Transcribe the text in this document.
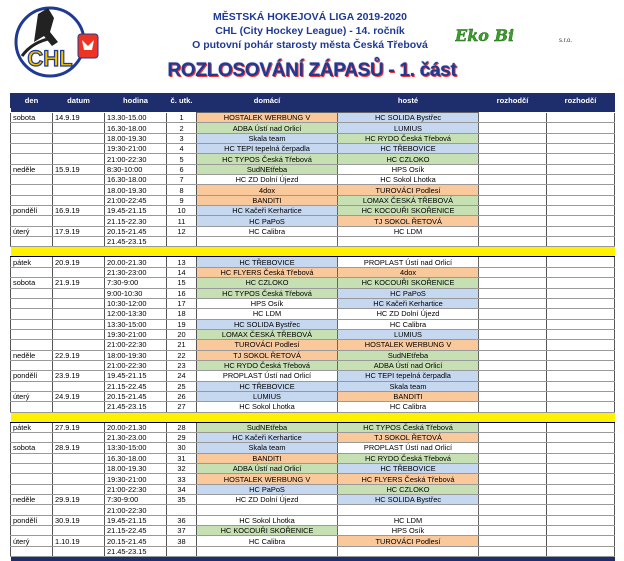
CHL
MĚSTSKÁ HOKEJOVÁ LIGA 2019-2020
CHL (City Hockey League) - 14. ročník
O putovní pohár starosty města Česká Třebová	Eko Bi	s.r.o.
ROZLOSOVÁNÍ ZÁPASŮ - 1. část
den	datum	hodina	č. utk.	domácí	hosté	rozhodčí	rozhodčí

sobota	14.9.19	13.30-15.00	1	HOSTALEK WERBUNG V	HC SOLIDA Bystřec		
		16.30-18.00	2	ADBA Ústí nad Orlicí	LUMIUS		
		18.00-19.30	3	Skala team	HC RYDO Česká Třebová		
		19:30-21:00	4	HC TEPI tepelná čerpadla	HC TŘEBOVICE		
		21:00-22:30	5	HC TYPOS Česká Třebová	HC CZLOKO		
neděle	15.9.19	8:30-10:00	6	SudNEtřeba	HPS Osík		
		16.30-18.00	7	HC ZD Dolní Újezd	HC Sokol Lhotka		
		18.00-19.30	8	4dox	TUROVÁCI Podlesí		
		21:00-22:45	9	BANDITI	LOMAX ČESKÁ TŘEBOVÁ		
pondělí	16.9.19	19.45-21.15	10	HC Kačeři Kerhartice	HC KOCOUŘI SKOŘENICE		
		21.15-22.30	11	HC PaPoS	TJ SOKOL ŘETOVÁ		
úterý	17.9.19	20.15-21.45	12	HC Calibra	HC LDM		
		21.45-23.15					

pátek	20.9.19	20.00-21.30	13	HC TŘEBOVICE	PROPLAST Ústí nad Orlicí		
		21:30-23:00	14	HC FLYERS Česká Třebová	4dox		
sobota	21.9.19	7:30-9:00	15	HC CZLOKO	HC KOCOUŘI SKOŘENICE		
		9:00-10:30	16	HC TYPOS Česká Třebová	HC PaPoS		
		10:30-12:00	17	HPS Osík	HC Kačeři Kerhartice		
		12:00-13:30	18	HC LDM	HC ZD Dolní Újezd		
		13:30-15:00	19	HC SOLIDA Bystřec	HC Calibra		
		19:30-21:00	20	LOMAX ČESKÁ TŘEBOVÁ	LUMIUS		
		21:00-22:30	21	TUROVÁCI Podlesí	HOSTALEK WERBUNG V		
neděle	22.9.19	18:00-19:30	22	TJ SOKOL ŘETOVÁ	SudNEtřeba		
		21:00-22:30	23	HC RYDO Česká Třebová	ADBA Ústí nad Orlicí		
pondělí	23.9.19	19.45-21.15	24	PROPLAST Ústí nad Orlicí	HC TEPI tepelná čerpadla		
		21.15-22.45	25	HC TŘEBOVICE	Skala team		
úterý	24.9.19	20.15-21.45	26	LUMIUS	BANDITI		
		21.45-23.15	27	HC Sokol Lhotka	HC Calibra		

pátek	27.9.19	20.00-21.30	28	SudNEtřeba	HC TYPOS Česká Třebová		
		21.30-23.00	29	HC Kačeři Kerhartice	TJ SOKOL ŘETOVÁ		
sobota	28.9.19	13:30-15:00	30	Skala team	PROPLAST Ústí nad Orlicí		
		16.30-18.00	31	BANDITI	HC RYDO Česká Třebová		
		18.00-19.30	32	ADBA Ústí nad Orlicí	HC TŘEBOVICE		
		19:30-21:00	33	HOSTALEK WERBUNG V	HC FLYERS Česká Třebová		
		21:00-22:30	34	HC PaPoS	HC CZLOKO		
neděle	29.9.19	7:30-9:00	35	HC ZD Dolní Újezd	HC SOLIDA Bystřec		
		21:00-22:30					
pondělí	30.9.19	19.45-21.15	36	HC Sokol Lhotka	HC LDM		
		21.15-22.45	37	HC KOCOUŘI SKOŘENICE	HPS Osík		
úterý	1.10.19	20.15-21.45	38	HC Calibra	TUROVÁCI Podlesí		
		21.45-23.15					
